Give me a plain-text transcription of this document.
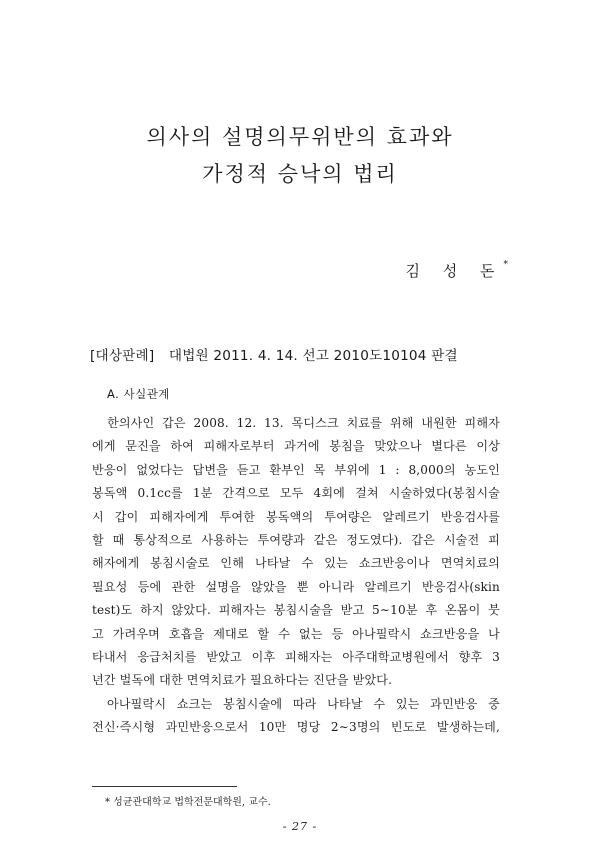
의사의 설명의무위반의 효과와
가정적 승낙의 법리
김 성 돈*
[대상판례] 대법원 2011. 4. 14. 선고 2010도10104 판결
A. 사실관계
한의사인 갑은 2008. 12. 13. 목디스크 치료를 위해 내원한 피해자
에게 문진을 하여 피해자로부터 과거에 봉침을 맞았으나 별다른 이상
반응이 없었다는 답변을 듣고 환부인 목 부위에 1 : 8,000의 농도인
봉독액 0.1cc를 1분 간격으로 모두 4회에 걸쳐 시술하였다(봉침시술
시 갑이 피해자에게 투여한 봉독액의 투여량은 알레르기 반응검사를
할 때 통상적으로 사용하는 투여량과 같은 정도였다). 갑은 시술전 피
해자에게 봉침시술로 인해 나타날 수 있는 쇼크반응이나 면역치료의
필요성 등에 관한 설명을 않았을 뿐 아니라 알레르기 반응검사(skin
test)도 하지 않았다. 피해자는 봉침시술을 받고 5∼10분 후 온몸이 붓
고 가려우며 호흡을 제대로 할 수 없는 등 아나필락시 쇼크반응을 나
타내서 응급처치를 받았고 이후 피해자는 아주대학교병원에서 향후 3
년간 벌독에 대한 면역치료가 필요하다는 진단을 받았다.
아나필락시 쇼크는 봉침시술에 따라 나타날 수 있는 과민반응 중
전신·즉시형 과민반응으로서 10만 명당 2∼3명의 빈도로 발생하는데,
* 성균관대학교 법학전문대학원, 교수.
- 27 -
